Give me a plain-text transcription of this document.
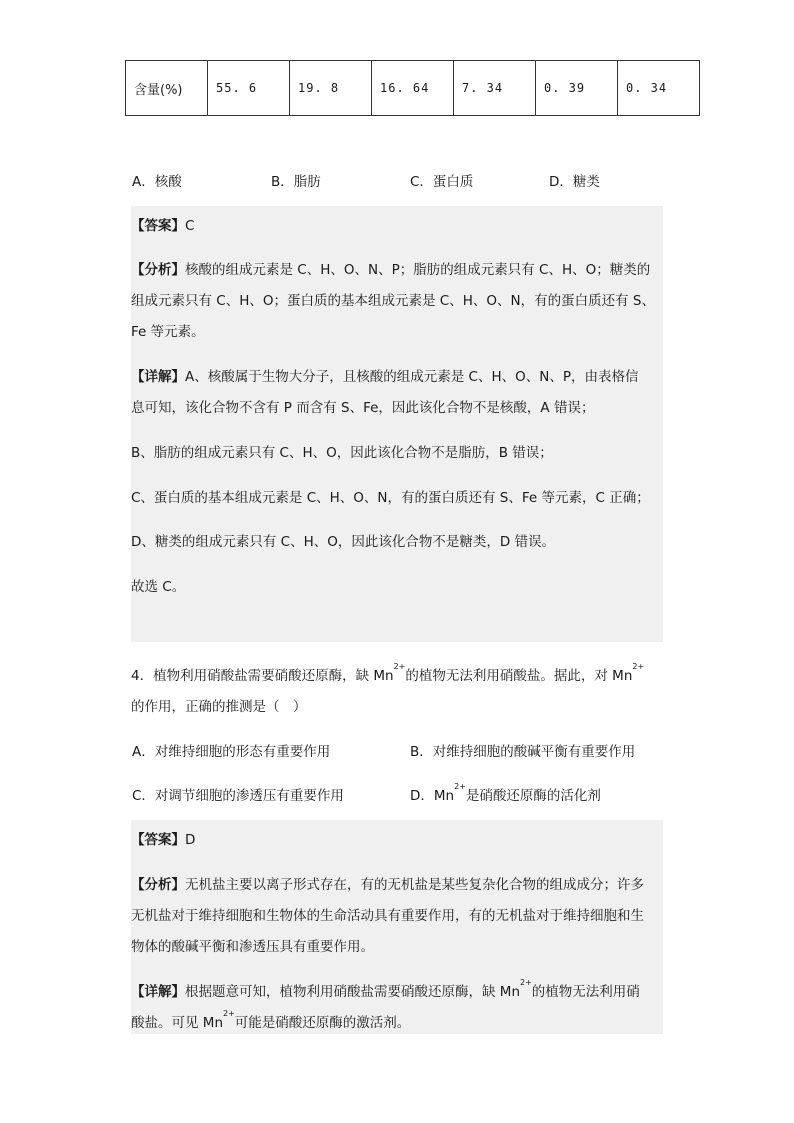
含量(%)	55. 6	19. 8	16. 64	7. 34	0. 39	0. 34
A．核酸	B．脂肪	C．蛋白质	D．糖类
【答案】C
【分析】核酸的组成元素是 C、H、O、N、P；脂肪的组成元素只有 C、H、O；糖类的
组成元素只有 C、H、O；蛋白质的基本组成元素是 C、H、O、N，有的蛋白质还有 S、
Fe 等元素。
【详解】A、核酸属于生物大分子，且核酸的组成元素是 C、H、O、N、P，由表格信
息可知，该化合物不含有 P 而含有 S、Fe，因此该化合物不是核酸，A 错误；
B、脂肪的组成元素只有 C、H、O，因此该化合物不是脂肪，B 错误；
C、蛋白质的基本组成元素是 C、H、O、N，有的蛋白质还有 S、Fe 等元素，C 正确；
D、糖类的组成元素只有 C、H、O，因此该化合物不是糖类，D 错误。
故选 C。
4．植物利用硝酸盐需要硝酸还原酶，缺 $Mn^{2+}$的植物无法利用硝酸盐。据此，对 $Mn^{2+}$
的作用，正确的推测是（　）
A．对维持细胞的形态有重要作用	B．对维持细胞的酸碱平衡有重要作用
C．对调节细胞的渗透压有重要作用	D．$Mn^{2+}$是硝酸还原酶的活化剂
【答案】D
【分析】无机盐主要以离子形式存在，有的无机盐是某些复杂化合物的组成成分；许多
无机盐对于维持细胞和生物体的生命活动具有重要作用，有的无机盐对于维持细胞和生
物体的酸碱平衡和渗透压具有重要作用。
【详解】根据题意可知，植物利用硝酸盐需要硝酸还原酶，缺 $Mn^{2+}$的植物无法利用硝
酸盐。可见 $Mn^{2+}$可能是硝酸还原酶的激活剂。
